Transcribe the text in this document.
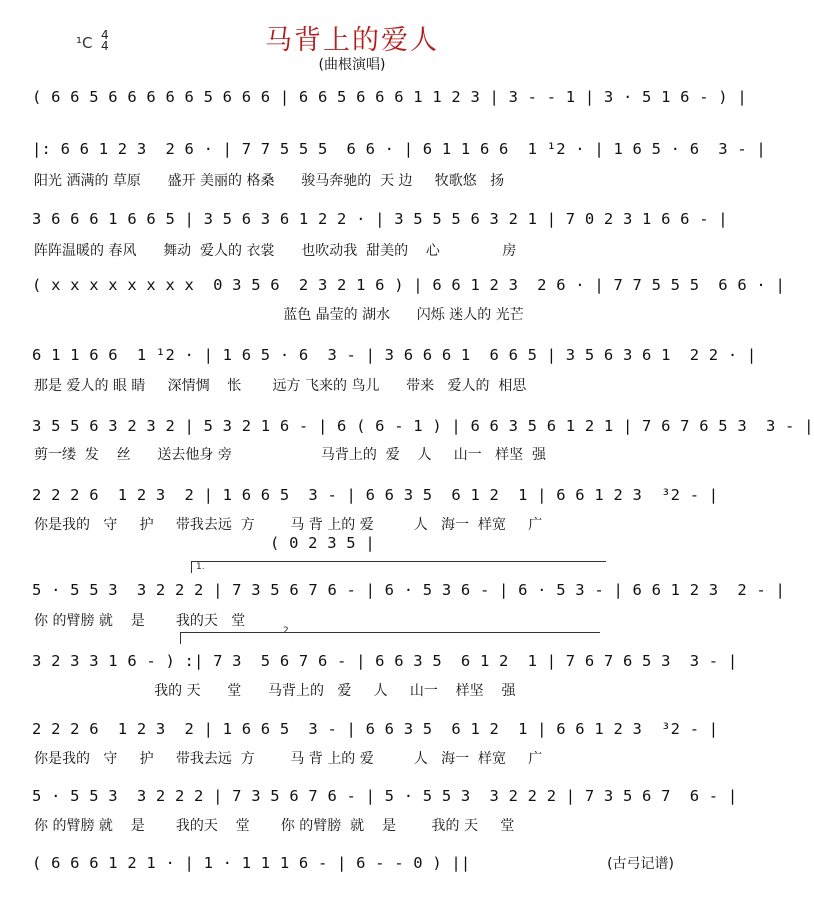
¹C 4
4	马背上的爱人
(曲根演唱)
( 6 6 5 6 6 6 6 6 5 6 6 6 | 6 6 5 6 6 6 1 1 2 3 | 3 - - 1 | 3 · 5 1 6 - ) |
|: 6 6 1 2 3  2 6 · | 7 7 5 5 5  6 6 · | 6 1 1 6 6  1 ¹2 · | 1 6 5 · 6  3 - |
阳光 洒满的 草原      盛开 美丽的 格桑      骏马奔驰的  天 边     牧歌悠   扬
3 6 6 6 1 6 6 5 | 3 5 6 3 6 1 2 2 · | 3 5 5 5 6 3 2 1 | 7 0 2 3 1 6 6 - |
阵阵温暖的 春风      舞动  爱人的 衣裳      也吹动我  甜美的    心              房
( x x x x x x x x  0 3 5 6  2 3 2 1 6 ) | 6 6 1 2 3  2 6 · | 7 7 5 5 5  6 6 · |
蓝色 晶莹的 湖水      闪烁 迷人的 光芒
6 1 1 6 6  1 ¹2 · | 1 6 5 · 6  3 - | 3 6 6 6 1  6 6 5 | 3 5 6 3 6 1  2 2 · |
那是 爱人的 眼 睛     深情惆    怅       远方 飞来的 鸟儿      带来   爱人的  相思
3 5 5 6 3 2 3 2 | 5 3 2 1 6 - | 6 ( 6 - 1 ) | 6 6 3 5 6 1 2 1 | 7 6 7 6 5 3  3 - |
剪一缕  发    丝      送去他身 旁                    马背上的  爱    人     山一   样坚  强
2 2 2 6  1 2 3  2 | 1 6 6 5  3 - | 6 6 3 5  6 1 2  1 | 6 6 1 2 3  ³2 - |
你是我的   守     护     带我去远  方        马 背 上的 爱         人   海一  样宽     广
( 0 2 3 5 |
1.
5 · 5 5 3  3 2 2 2 | 7 3 5 6 7 6 - | 6 · 5 3 6 - | 6 · 5 3 - | 6 6 1 2 3  2 - |
你 的臂膀 就    是       我的天   堂
2
3 2 3 3 1 6 - ) :| 7 3  5 6 7 6 - | 6 6 3 5  6 1 2  1 | 7 6 7 6 5 3  3 - |
我的 天      堂      马背上的   爱     人     山一    样坚    强
2 2 2 6  1 2 3  2 | 1 6 6 5  3 - | 6 6 3 5  6 1 2  1 | 6 6 1 2 3  ³2 - |
你是我的   守     护     带我去远  方        马 背 上的 爱         人   海一  样宽     广
5 · 5 5 3  3 2 2 2 | 7 3 5 6 7 6 - | 5 · 5 5 3  3 2 2 2 | 7 3 5 6 7  6 - |
你 的臂膀 就    是       我的天    堂       你 的臂膀  就    是        我的 天     堂
( 6 6 6 1 2 1 · | 1 · 1 1 1 6 - | 6 - - 0 ) ||	(古弓记谱)
